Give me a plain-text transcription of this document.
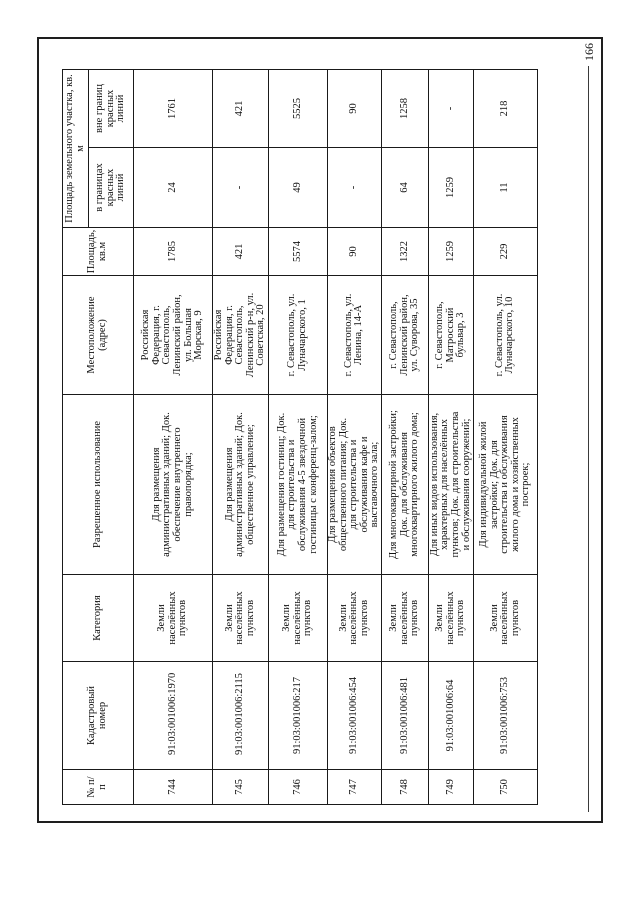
166
№ п/п	Кадастровый номер	Категория	Разрешенное использование	Местоположение (адрес)	Площадь, кв.м	Площадь земельного участка, кв. м	
						в границах красных линий	вне границ красных линий
744	91:03:001006:1970	Земли населённых пунктов	Для размещения административных зданий; Док. обеспечение внутреннего правопорядка;	Российская Федерация, г. Севастополь, Ленинский район, ул. Большая Морская, 9	1785	24	1761
745	91:03:001006:2115	Земли населённых пунктов	Для размещения административных зданий; Док. общественное управление;	Российская Федерация, г. Севастополь, Ленинский р-н, ул. Советская, 20	421	-	421
746	91:03:001006:217	Земли населённых пунктов	Для размещения гостиниц; Док. для строительства и обслуживания 4-5 звездочной гостиницы с конференц-залом;	г. Севастополь, ул. Луначарского, 1	5574	49	5525
747	91:03:001006:454	Земли населённых пунктов	Для размещения объектов общественного питания; Док. для строительства и обслуживания кафе и выставочного зала;	г. Севастополь, ул. Ленина, 14-А	90	-	90
748	91:03:001006:481	Земли населённых пунктов	Для многоквартирной застройки; Док. для обслуживания многоквартирного жилого дома;	г. Севастополь, Ленинский район, ул. Суворова, 35	1322	64	1258
749	91:03:001006:64	Земли населённых пунктов	Для иных видов использования, характерных для населённых пунктов; Док. для строительства и обслуживания сооружений;	г. Севастополь, Матросский бульвар, 3	1259	1259	-
750	91:03:001006:753	Земли населённых пунктов	Для индивидуальной жилой застройки; Док. для строительства и обслуживания жилого дома и хозяйственных построек;	г. Севастополь, ул. Луначарского, 10	229	11	218
